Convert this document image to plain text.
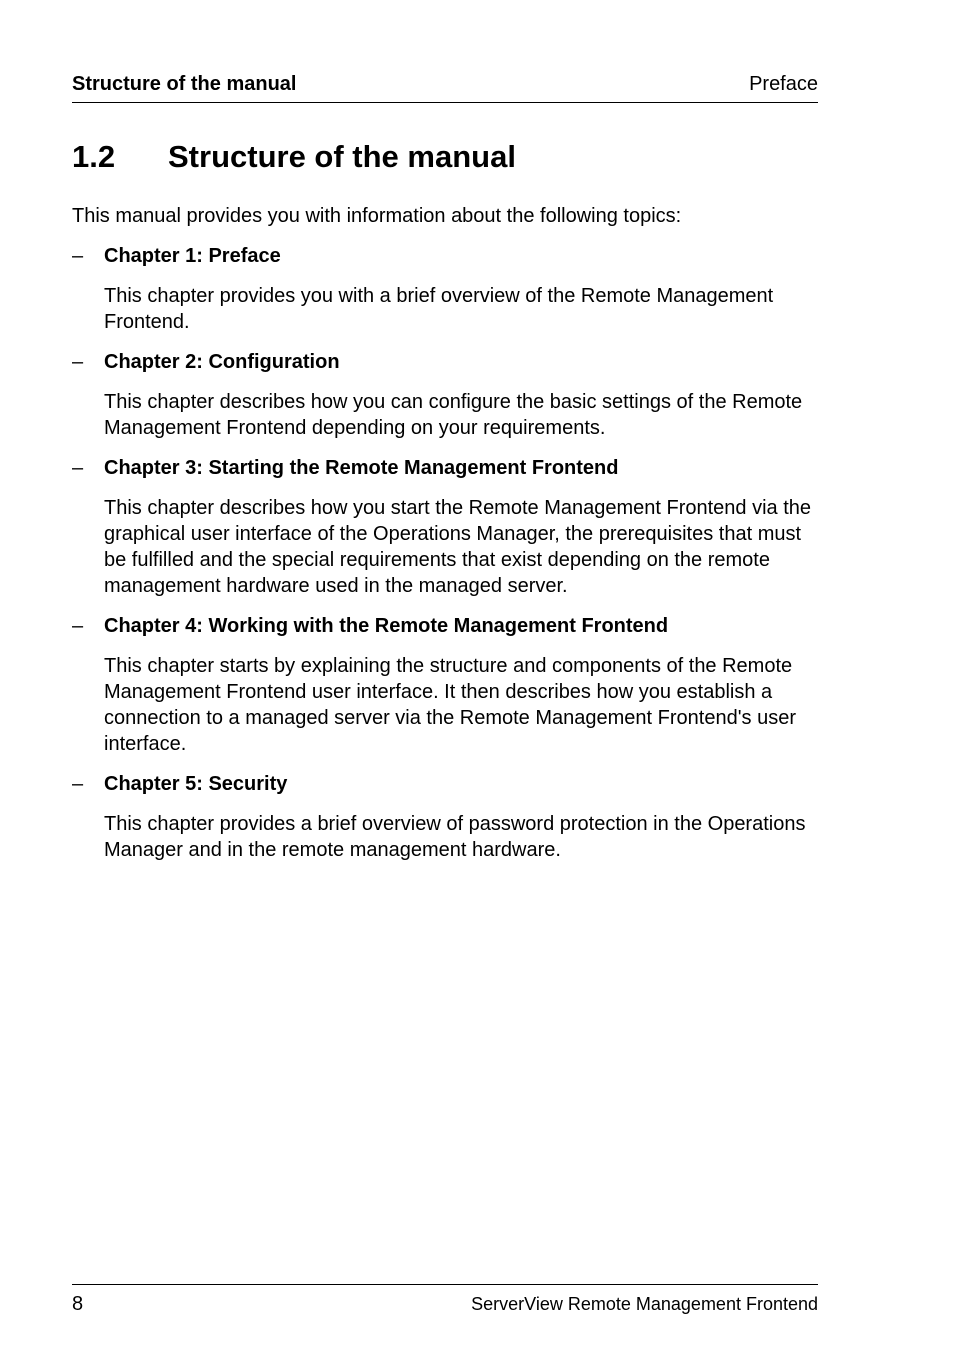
Structure of the manual	Preface
1.2 Structure of the manual

This manual provides you with information about the following topics:

– Chapter 1: Preface

This chapter provides you with a brief overview of the Remote Management Frontend.

– Chapter 2: Configuration

This chapter describes how you can configure the basic settings of the Remote Management Frontend depending on your requirements.

– Chapter 3: Starting the Remote Management Frontend

This chapter describes how you start the Remote Management Frontend via the graphical user interface of the Operations Manager, the prerequisites that must be fulfilled and the special requirements that exist depending on the remote management hardware used in the managed server.

– Chapter 4: Working with the Remote Management Frontend

This chapter starts by explaining the structure and components of the Remote Management Frontend user interface. It then describes how you establish a connection to a managed server via the Remote Management Frontend's user interface.

– Chapter 5: Security

This chapter provides a brief overview of password protection in the Operations Manager and in the remote management hardware.

8	ServerView Remote Management Frontend
